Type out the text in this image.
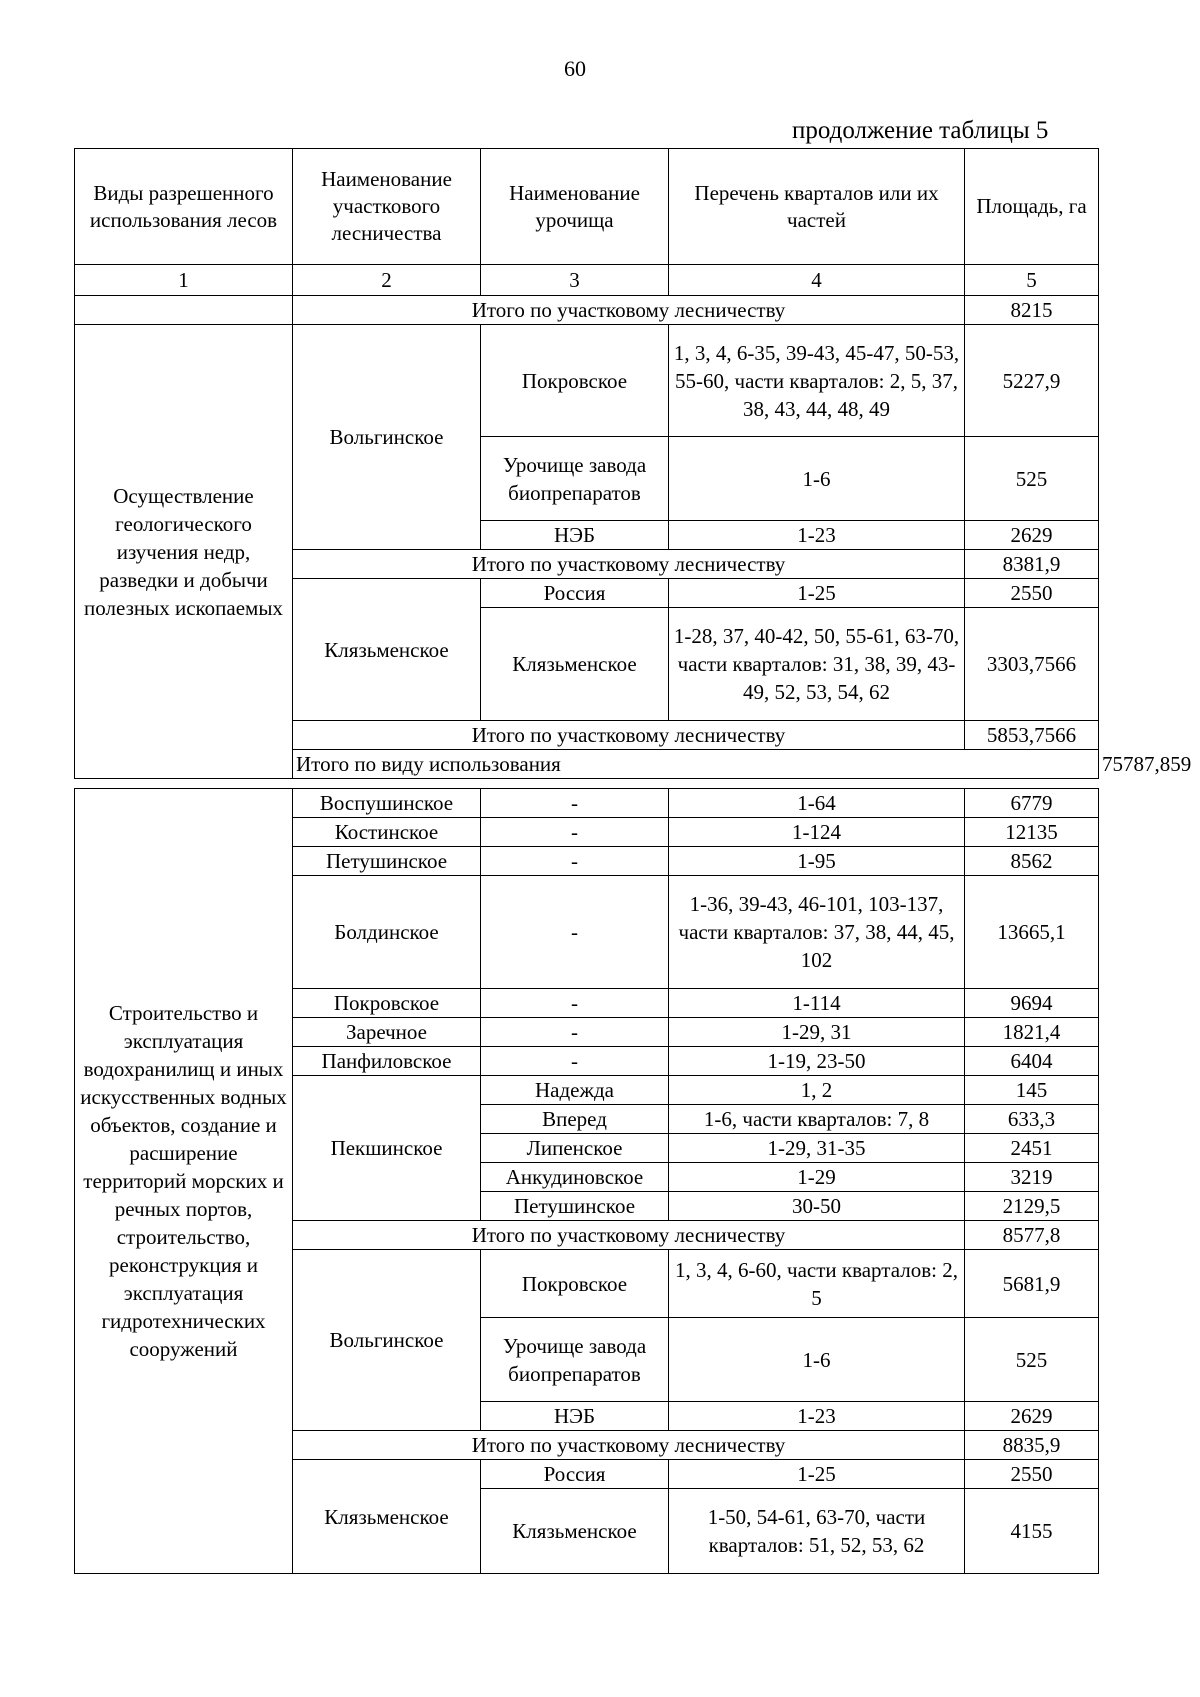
60
продолжение таблицы 5
Виды разрешенного использования лесов	Наименование участкового лесничества	Наименование урочища	Перечень кварталов или их частей	Площадь, га	
1	2	3	4	5	
	Итого по участковому лесничеству			8215	
Осуществление геологического изучения недр, разведки и добычи полезных ископаемых	Вольгинское	Покровское	1, 3, 4, 6-35, 39-43, 45-47, 50-53, 55-60, части кварталов: 2, 5, 37, 38, 43, 44, 48, 49	5227,9	
		Урочище завода биопрепаратов	1-6	525	
		НЭБ	1-23	2629	
	Итого по участковому лесничеству			8381,9	
	Клязьменское	Россия	1-25	2550	
		Клязьменское	1-28, 37, 40-42, 50, 55-61, 63-70, части кварталов: 31, 38, 39, 43-49, 52, 53, 54, 62	3303,7566	
	Итого по участковому лесничеству			5853,7566	
	Итого по виду использования				75787,859
Строительство и эксплуатация водохранилищ и иных искусственных водных объектов, создание и расширение территорий морских и речных портов, строительство, реконструкция и эксплуатация гидротехнических сооружений	Воспушинское	-	1-64	6779
	Костинское	-	1-124	12135
	Петушинское	-	1-95	8562
	Болдинское	-	1-36, 39-43, 46-101, 103-137, части кварталов: 37, 38, 44, 45, 102	13665,1
	Покровское	-	1-114	9694
	Заречное	-	1-29, 31	1821,4
	Панфиловское	-	1-19, 23-50	6404
	Пекшинское	Надежда	1, 2	145
		Вперед	1-6, части кварталов: 7, 8	633,3
		Липенское	1-29, 31-35	2451
		Анкудиновское	1-29	3219
		Петушинское	30-50	2129,5
	Итого по участковому лесничеству			8577,8
	Вольгинское	Покровское	1, 3, 4, 6-60, части кварталов: 2, 5	5681,9
		Урочище завода биопрепаратов	1-6	525
		НЭБ	1-23	2629
	Итого по участковому лесничеству			8835,9
	Клязьменское	Россия	1-25	2550
		Клязьменское	1-50, 54-61, 63-70, части кварталов: 51, 52, 53, 62	4155
